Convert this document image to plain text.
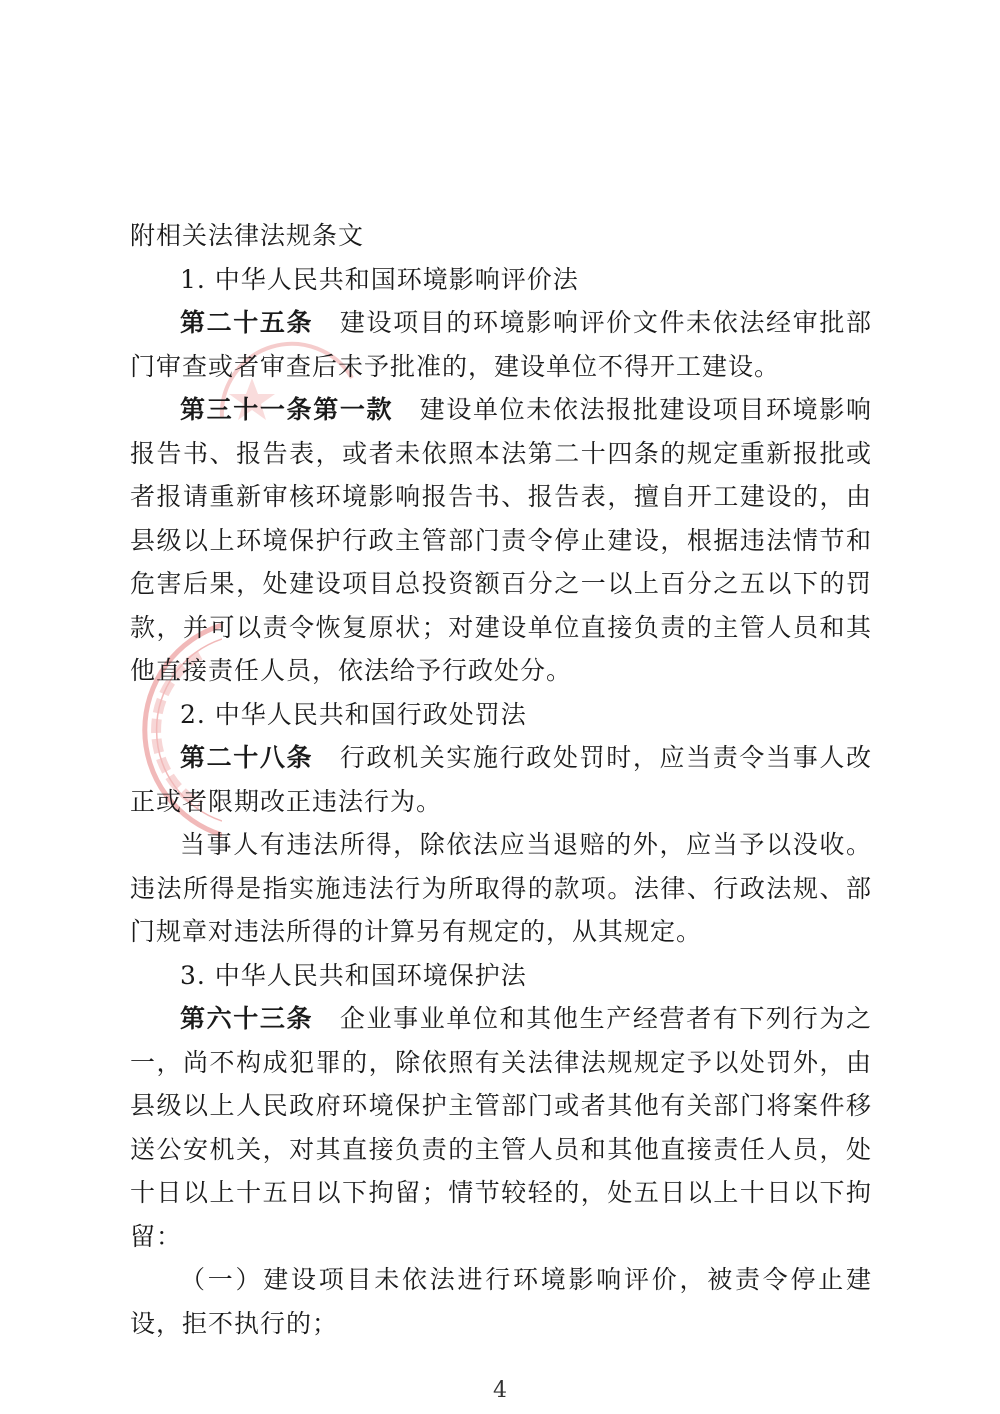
附相关法律法规条文

1. 中华人民共和国环境影响评价法

第二十五条 建设项目的环境影响评价文件未依法经审批部门审查或者审查后未予批准的，建设单位不得开工建设。

第三十一条第一款 建设单位未依法报批建设项目环境影响报告书、报告表，或者未依照本法第二十四条的规定重新报批或者报请重新审核环境影响报告书、报告表，擅自开工建设的，由县级以上环境保护行政主管部门责令停止建设，根据违法情节和危害后果，处建设项目总投资额百分之一以上百分之五以下的罚款，并可以责令恢复原状；对建设单位直接负责的主管人员和其他直接责任人员，依法给予行政处分。

2. 中华人民共和国行政处罚法

第二十八条 行政机关实施行政处罚时，应当责令当事人改正或者限期改正违法行为。

当事人有违法所得，除依法应当退赔的外，应当予以没收。违法所得是指实施违法行为所取得的款项。法律、行政法规、部门规章对违法所得的计算另有规定的，从其规定。

3. 中华人民共和国环境保护法

第六十三条 企业事业单位和其他生产经营者有下列行为之一，尚不构成犯罪的，除依照有关法律法规规定予以处罚外，由县级以上人民政府环境保护主管部门或者其他有关部门将案件移送公安机关，对其直接负责的主管人员和其他直接责任人员，处十日以上十五日以下拘留；情节较轻的，处五日以上十日以下拘留：

（一）建设项目未依法进行环境影响评价，被责令停止建设，拒不执行的；

4
